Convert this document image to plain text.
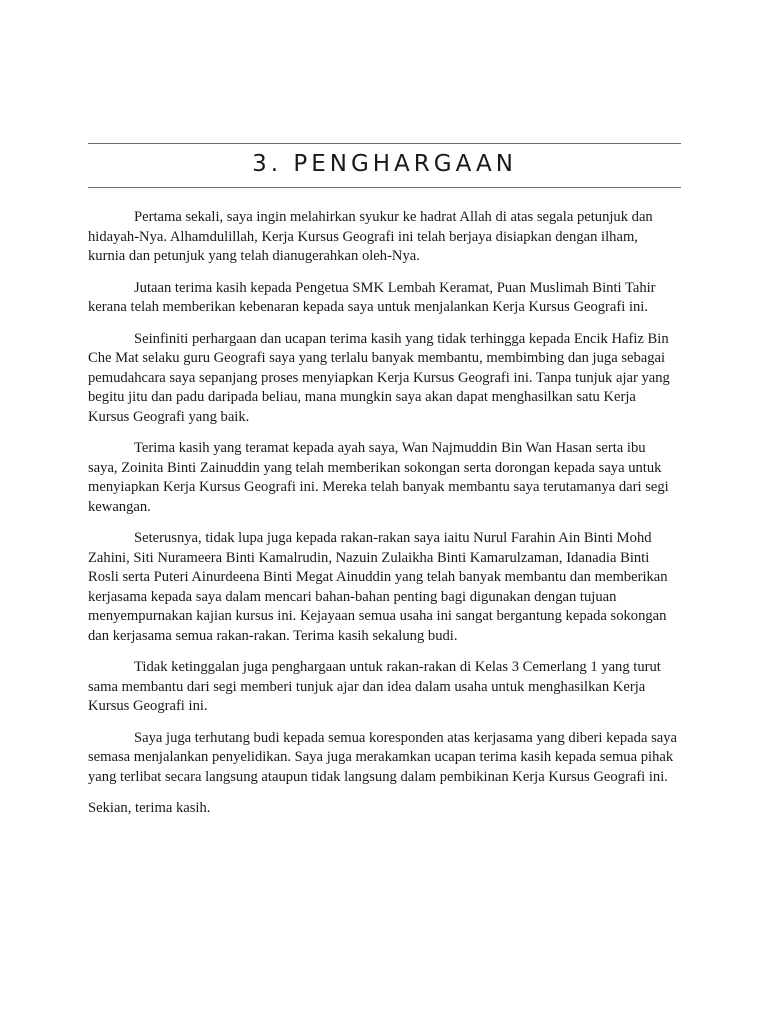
3. PENGHARGAAN

Pertama sekali, saya ingin melahirkan syukur ke hadrat Allah di atas segala petunjuk dan hidayah-Nya. Alhamdulillah, Kerja Kursus Geografi ini telah berjaya disiapkan dengan ilham, kurnia dan petunjuk yang telah dianugerahkan oleh-Nya.

Jutaan terima kasih kepada Pengetua SMK Lembah Keramat, Puan Muslimah Binti Tahir kerana telah memberikan kebenaran kepada saya untuk menjalankan Kerja Kursus Geografi ini.

Seinfiniti perhargaan dan ucapan terima kasih yang tidak terhingga kepada Encik Hafiz Bin Che Mat selaku guru Geografi saya yang terlalu banyak membantu, membimbing dan juga sebagai pemudahcara saya sepanjang proses menyiapkan Kerja Kursus Geografi ini. Tanpa tunjuk ajar yang begitu jitu dan padu daripada beliau, mana mungkin saya akan dapat menghasilkan satu Kerja Kursus Geografi yang baik.

Terima kasih yang teramat kepada ayah saya, Wan Najmuddin Bin Wan Hasan serta ibu saya, Zoinita Binti Zainuddin yang telah memberikan sokongan serta dorongan kepada saya untuk menyiapkan Kerja Kursus Geografi ini. Mereka telah banyak membantu saya terutamanya dari segi kewangan.

Seterusnya, tidak lupa juga kepada rakan-rakan saya iaitu Nurul Farahin Ain Binti Mohd Zahini, Siti Nurameera Binti Kamalrudin, Nazuin Zulaikha Binti Kamarulzaman, Idanadia Binti Rosli serta Puteri Ainurdeena Binti Megat Ainuddin yang telah banyak membantu dan memberikan kerjasama kepada saya dalam mencari bahan-bahan penting bagi digunakan dengan tujuan menyempurnakan kajian kursus ini. Kejayaan semua usaha ini sangat bergantung kepada sokongan dan kerjasama semua rakan-rakan. Terima kasih sekalung budi.

Tidak ketinggalan juga penghargaan untuk rakan-rakan di Kelas 3 Cemerlang 1 yang turut sama membantu dari segi memberi tunjuk ajar dan idea dalam usaha untuk menghasilkan Kerja Kursus Geografi ini.

Saya juga terhutang budi kepada semua koresponden atas kerjasama yang diberi kepada saya semasa menjalankan penyelidikan. Saya juga merakamkan ucapan terima kasih kepada semua pihak yang terlibat secara langsung ataupun tidak langsung dalam pembikinan Kerja Kursus Geografi ini.

Sekian, terima kasih.
